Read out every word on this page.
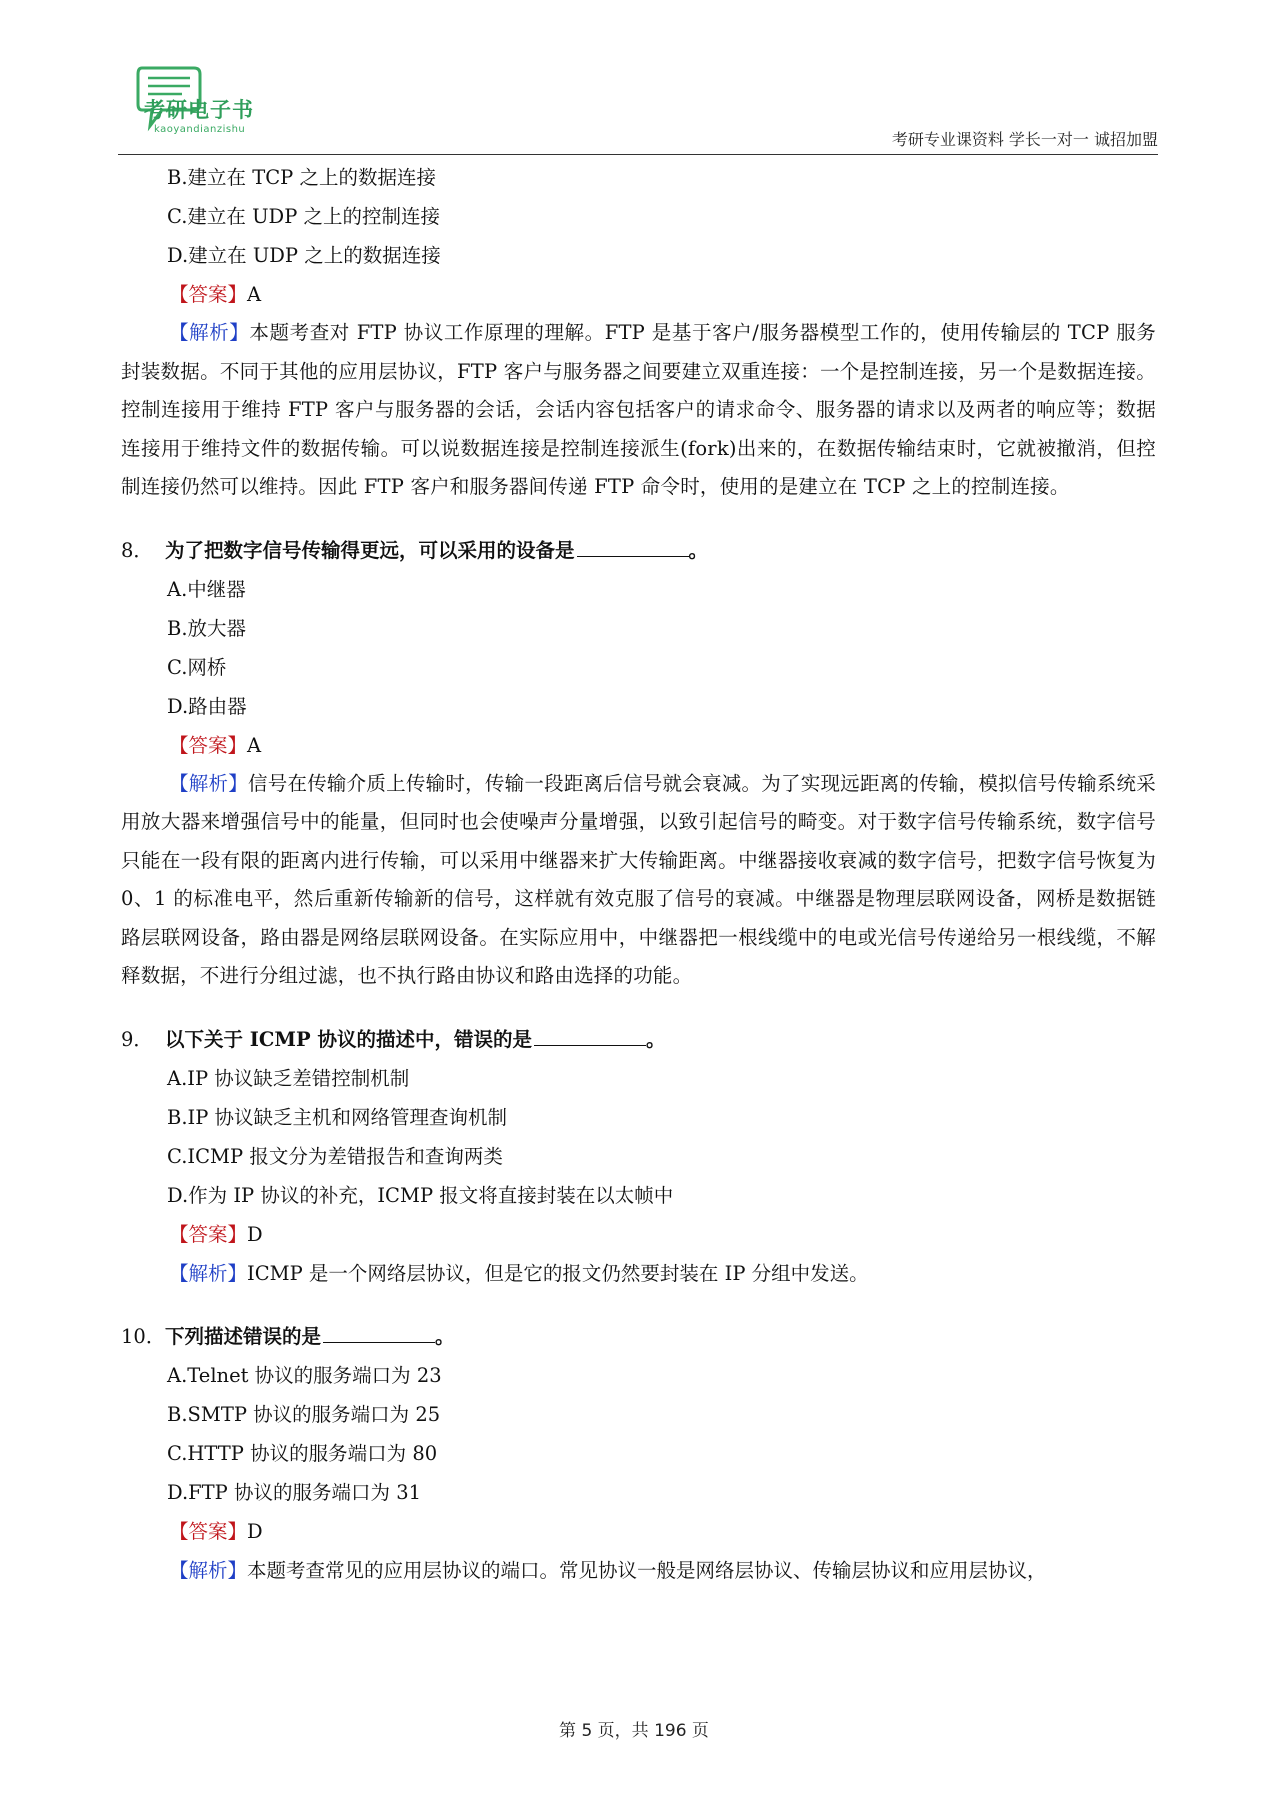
考研电子书
kaoyandianzishu
考研专业课资料 学长一对一 诚招加盟
B.建立在 TCP 之上的数据连接
C.建立在 UDP 之上的控制连接
D.建立在 UDP 之上的数据连接
【答案】A
【解析】本题考查对 FTP 协议工作原理的理解。FTP 是基于客户/服务器模型工作的，使用传输层的 TCP 服务封装数据。不同于其他的应用层协议，FTP 客户与服务器之间要建立双重连接：一个是控制连接，另一个是数据连接。控制连接用于维持 FTP 客户与服务器的会话，会话内容包括客户的请求命令、服务器的请求以及两者的响应等；数据连接用于维持文件的数据传输。可以说数据连接是控制连接派生(fork)出来的，在数据传输结束时，它就被撤消，但控制连接仍然可以维持。因此 FTP 客户和服务器间传递 FTP 命令时，使用的是建立在 TCP 之上的控制连接。
8． 为了把数字信号传输得更远，可以采用的设备是	。
A.中继器
B.放大器
C.网桥
D.路由器
【答案】A
【解析】信号在传输介质上传输时，传输一段距离后信号就会衰减。为了实现远距离的传输，模拟信号传输系统采用放大器来增强信号中的能量，但同时也会使噪声分量增强，以致引起信号的畸变。对于数字信号传输系统，数字信号只能在一段有限的距离内进行传输，可以采用中继器来扩大传输距离。中继器接收衰减的数字信号，把数字信号恢复为 0、1 的标准电平，然后重新传输新的信号，这样就有效克服了信号的衰减。中继器是物理层联网设备，网桥是数据链路层联网设备，路由器是网络层联网设备。在实际应用中，中继器把一根线缆中的电或光信号传递给另一根线缆，不解释数据，不进行分组过滤，也不执行路由协议和路由选择的功能。
9． 以下关于 ICMP 协议的描述中，错误的是	。
A.IP 协议缺乏差错控制机制
B.IP 协议缺乏主机和网络管理查询机制
C.ICMP 报文分为差错报告和查询两类
D.作为 IP 协议的补充，ICMP 报文将直接封装在以太帧中
【答案】D
【解析】ICMP 是一个网络层协议，但是它的报文仍然要封装在 IP 分组中发送。
10．下列描述错误的是	。
A.Telnet 协议的服务端口为 23
B.SMTP 协议的服务端口为 25
C.HTTP 协议的服务端口为 80
D.FTP 协议的服务端口为 31
【答案】D
【解析】本题考查常见的应用层协议的端口。常见协议一般是网络层协议、传输层协议和应用层协议，
第 5 页，共 196 页
